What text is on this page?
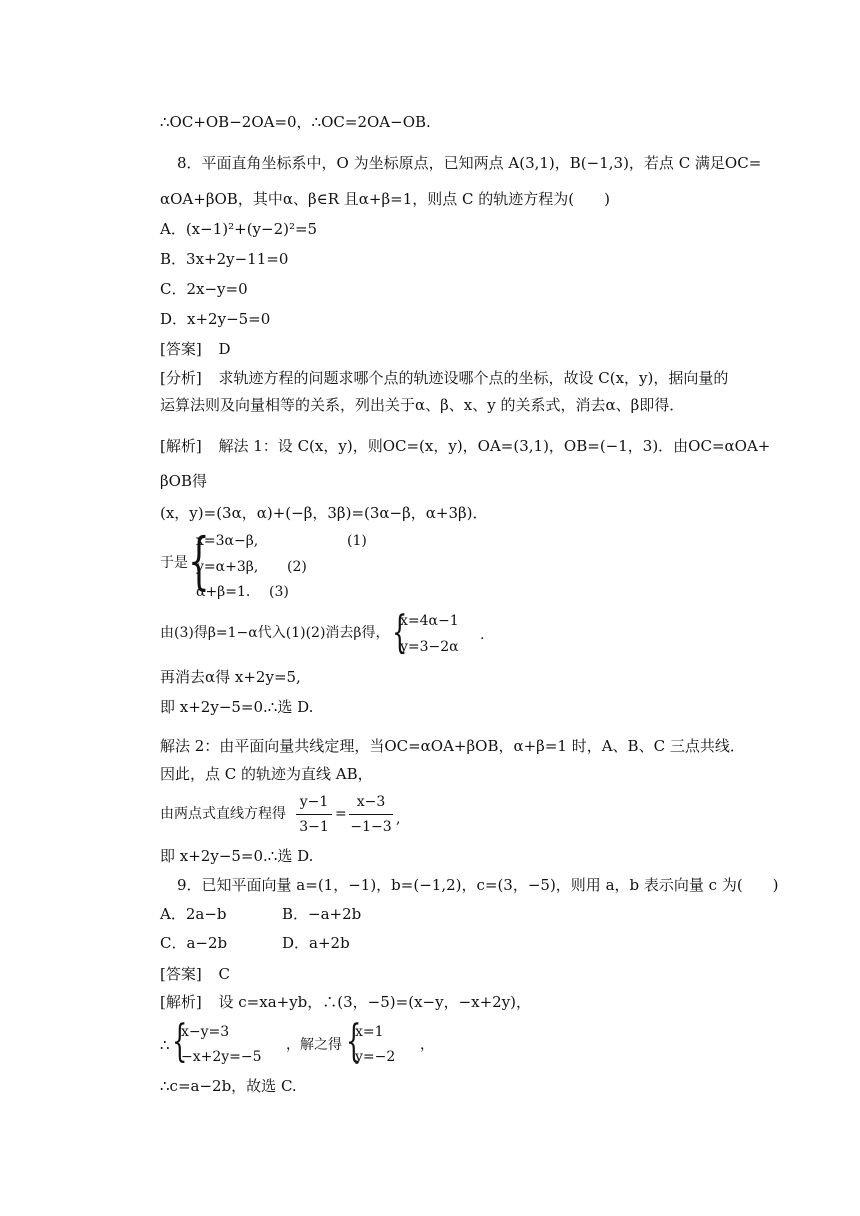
∴OC+OB−2OA=0，∴OC=2OA−OB.
8．平面直角坐标系中，O 为坐标原点，已知两点 A(3,1)，B(−1,3)，若点 C 满足OC=
αOA+βOB，其中α、β∈R 且α+β=1，则点 C 的轨迹方程为(　　)
A．(x−1)²+(y−2)²=5
B．3x+2y−11=0
C．2x−y=0
D．x+2y−5=0
[答案] D
[分析] 求轨迹方程的问题求哪个点的轨迹设哪个点的坐标，故设 C(x，y)，据向量的
运算法则及向量相等的关系，列出关于α、β、x、y 的关系式，消去α、β即得．
[解析] 解法 1：设 C(x，y)，则OC=(x，y)，OA=(3,1)，OB=(−1，3)．由OC=αOA+
βOB得
(x，y)=(3α，α)+(−β，3β)=(3α−β，α+3β)．
于是 {
x=3α−β,	(1)
y=α+3β, (2)
α+β=1. (3)
由(3)得β=1−α代入(1)(2)消去β得， {
x=4α−1
y=3−2α
.
再消去α得 x+2y=5,
即 x+2y−5=0.∴选 D.
解法 2：由平面向量共线定理，当OC=αOA+βOB，α+β=1 时，A、B、C 三点共线．
因此，点 C 的轨迹为直线 AB，
由两点式直线方程得
y−1
3−1
=
x−3
−1−3 ,
即 x+2y−5=0.∴选 D.
9．已知平面向量 a=(1，−1)，b=(−1,2)，c=(3，−5)，则用 a，b 表示向量 c 为(　　)
A．2a−b	B．−a+2b
C．a−2b	D．a+2b
[答案] C
[解析] 设 c=xa+yb，∴(3，−5)=(x−y，−x+2y)，
∴ {
x−y=3
−x+2y=−5
，解之得 {
x=1
y=−2
，
∴c=a−2b，故选 C.
